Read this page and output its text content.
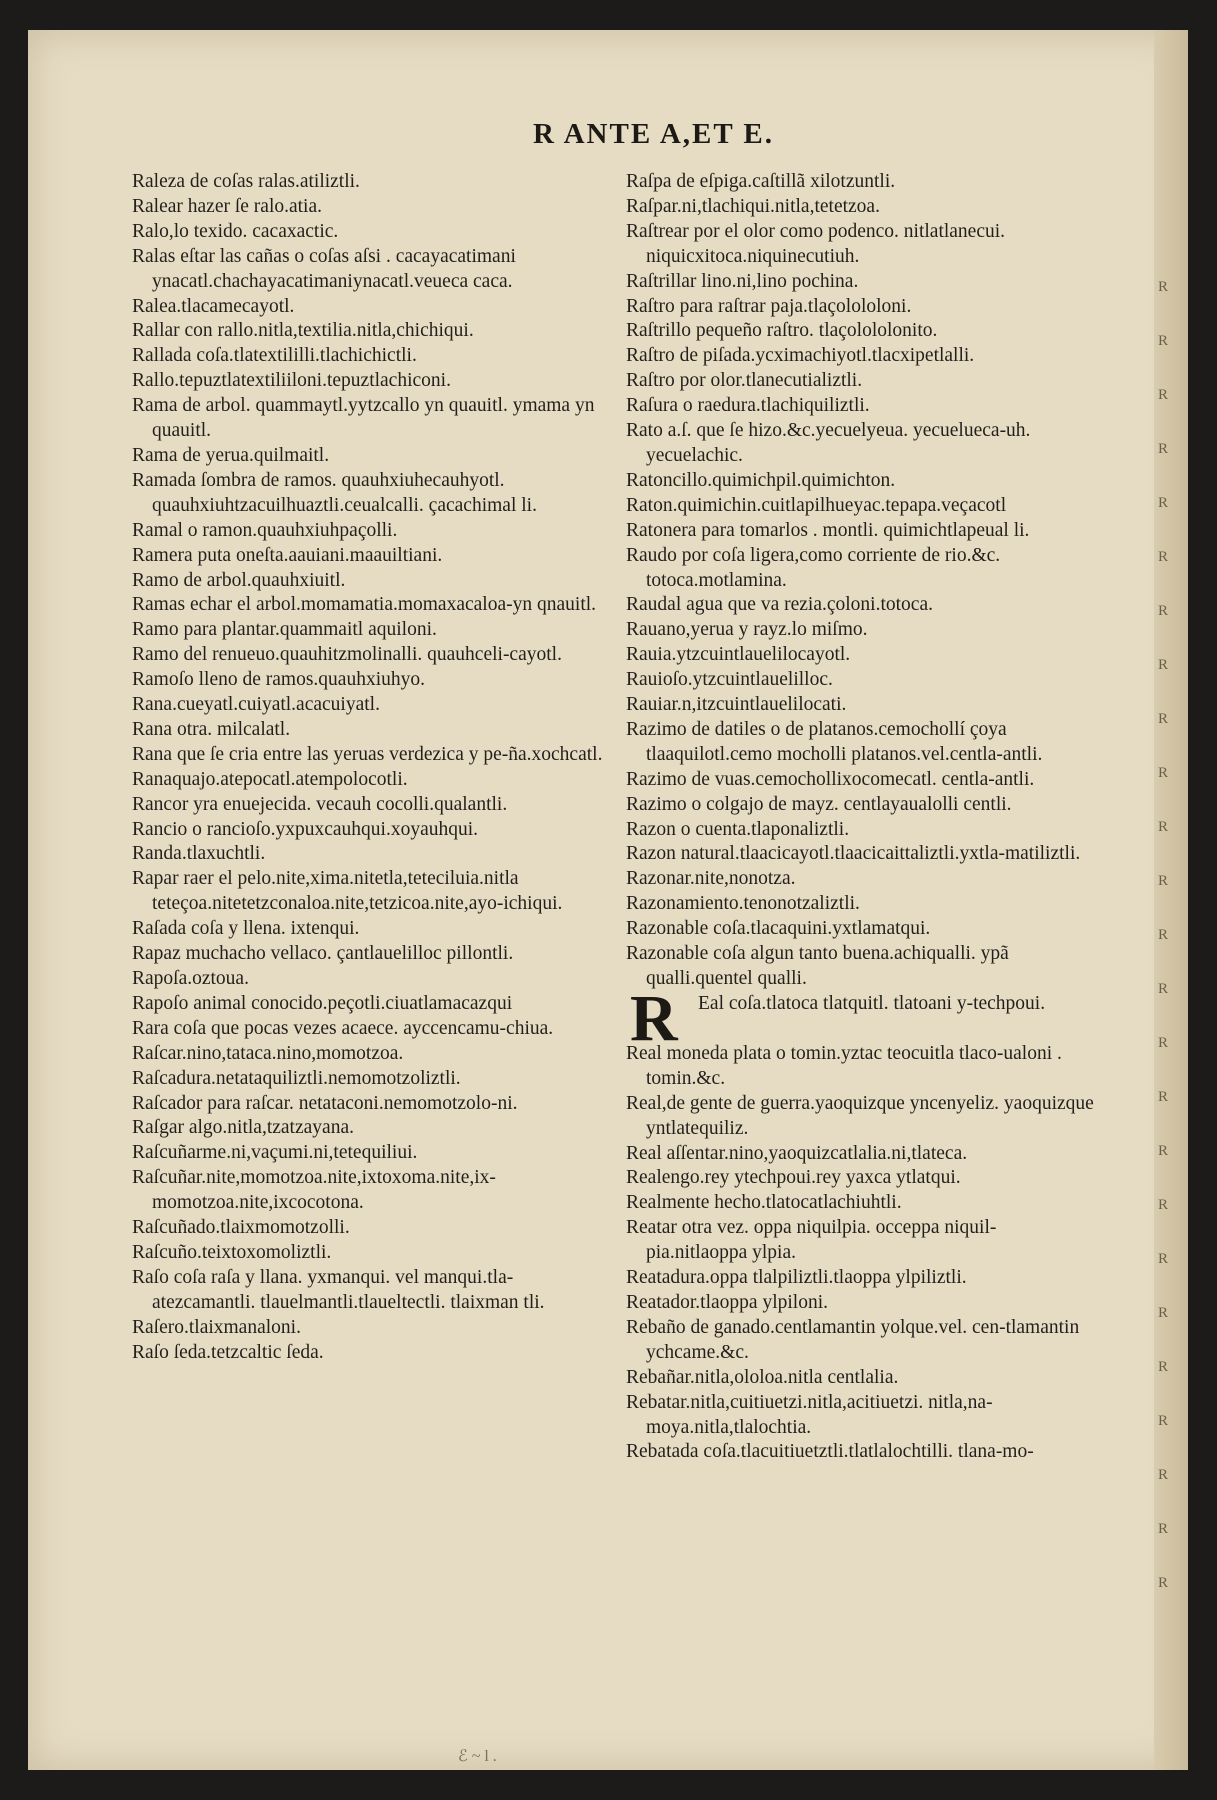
R
R
R
R
R
R
R
R
R
R
R
R
R
R
R
R
R
R
R
R
R
R
R
R
R
R ANTE A,ET E.

Raleza de coſas ralas.atiliztli.

Ralear hazer ſe ralo.atia.

Ralo,lo texido. cacaxactic.

Ralas eſtar las cañas o coſas aſsi . cacayacatimani ynacatl.chachayacatimaniynacatl.veueca caca.

Ralea.tlacamecayotl.

Rallar con rallo.nitla,textilia.nitla,chichiqui.

Rallada coſa.tlatextililli.tlachichictli.

Rallo.tepuztlatextiliiloni.tepuztlachiconi.

Rama de arbol. quammaytl.yytzcallo yn quauitl. ymama yn quauitl.

Rama de yerua.quilmaitl.

Ramada ſombra de ramos. quauhxiuhecauhyotl. quauhxiuhtzacuilhuaztli.ceualcalli. çacachimal li.

Ramal o ramon.quauhxiuhpaçolli.

Ramera puta oneſta.aauiani.maauiltiani.

Ramo de arbol.quauhxiuitl.

Ramas echar el arbol.momamatia.momaxacaloa-yn qnauitl.

Ramo para plantar.quammaitl aquiloni.

Ramo del renueuo.quauhitzmolinalli. quauhceli-cayotl.

Ramoſo lleno de ramos.quauhxiuhyo.

Rana.cueyatl.cuiyatl.acacuiyatl.

Rana otra. milcalatl.

Rana que ſe cria entre las yeruas verdezica y pe-ña.xochcatl.

Ranaquajo.atepocatl.atempolocotli.

Rancor yra enuejecida. vecauh cocolli.qualantli.

Rancio o rancioſo.yxpuxcauhqui.xoyauhqui.

Randa.tlaxuchtli.

Rapar raer el pelo.nite,xima.nitetla,teteciluia.nitla teteçoa.nitetetzconaloa.nite,tetzicoa.nite,ayo-ichiqui.

Raſada coſa y llena. ixtenqui.

Rapaz muchacho vellaco. çantlauelilloc pillontli.

Rapoſa.oztoua.

Rapoſo animal conocido.peçotli.ciuatlamacazqui

Rara coſa que pocas vezes acaece. ayccencamu-chiua.

Raſcar.nino,tataca.nino,momotzoa.

Raſcadura.netataquiliztli.nemomotzoliztli.

Raſcador para raſcar. netataconi.nemomotzolo-ni.

Raſgar algo.nitla,tzatzayana.

Raſcuñarme.ni,vaçumi.ni,tetequiliui.

Raſcuñar.nite,momotzoa.nite,ixtoxoma.nite,ix-momotzoa.nite,ixcocotona.

Raſcuñado.tlaixmomotzolli.

Raſcuño.teixtoxomoliztli.

Raſo coſa raſa y llana. yxmanqui. vel manqui.tla-atezcamantli. tlauelmantli.tlaueltectli. tlaixman tli.

Raſero.tlaixmanaloni.

Raſo ſeda.tetzcaltic ſeda.

Raſpa de eſpiga.caſtillã xilotzuntli.

Raſpar.ni,tlachiqui.nitla,tetetzoa.

Raſtrear por el olor como podenco. nitlatlanecui. niquicxitoca.niquinecutiuh.

Raſtrillar lino.ni,lino pochina.

Raſtro para raſtrar paja.tlaçolololoni.

Raſtrillo pequeño raſtro. tlaçolololonito.

Raſtro de piſada.ycximachiyotl.tlacxipetlalli.

Raſtro por olor.tlanecutializtli.

Raſura o raedura.tlachiquiliztli.

Rato a.ſ. que ſe hizo.&c.yecuelyeua. yecuelueca-uh. yecuelachic.

Ratoncillo.quimichpil.quimichton.

Raton.quimichin.cuitlapilhueyac.tepapa.veçacotl

Ratonera para tomarlos . montli. quimichtlapeual li.

Raudo por coſa ligera,como corriente de rio.&c. totoca.motlamina.

Raudal agua que va rezia.çoloni.totoca.

Rauano,yerua y rayz.lo miſmo.

Rauia.ytzcuintlauelilocayotl.

Rauioſo.ytzcuintlauelilloc.

Rauiar.n,itzcuintlauelilocati.

Razimo de datiles o de platanos.cemochollí çoya tlaaquilotl.cemo mocholli platanos.vel.centla-antli.

Razimo de vuas.cemochollixocomecatl. centla-antli.

Razimo o colgajo de mayz. centlayaualolli centli.

Razon o cuenta.tlaponaliztli.

Razon natural.tlaacicayotl.tlaacicaittaliztli.yxtla-matiliztli.

Razonar.nite,nonotza.

Razonamiento.tenonotzaliztli.

Razonable coſa.tlacaquini.yxtlamatqui.

Razonable coſa algun tanto buena.achiqualli. ypã qualli.quentel qualli.

R Eal coſa.tlatoca tlatquitl. tlatoani y-techpoui.

Real moneda plata o tomin.yztac teocuitla tlaco-ualoni . tomin.&c.

Real,de gente de guerra.yaoquizque yncenyeliz. yaoquizque yntlatequiliz.

Real aſſentar.nino,yaoquizcatlalia.ni,tlateca.

Realengo.rey ytechpoui.rey yaxca ytlatqui.

Realmente hecho.tlatocatlachiuhtli.

Reatar otra vez. oppa niquilpia. occeppa niquil-pia.nitlaoppa ylpia.

Reatadura.oppa tlalpiliztli.tlaoppa ylpiliztli.

Reatador.tlaoppa ylpiloni.

Rebaño de ganado.centlamantin yolque.vel. cen-tlamantin ychcame.&c.

Rebañar.nitla,ololoa.nitla centlalia.

Rebatar.nitla,cuitiuetzi.nitla,acitiuetzi. nitla,na-moya.nitla,tlalochtia.

Rebatada coſa.tlacuitiuetztli.tlatlalochtilli. tlana-mo-

ℰ ~ l .
